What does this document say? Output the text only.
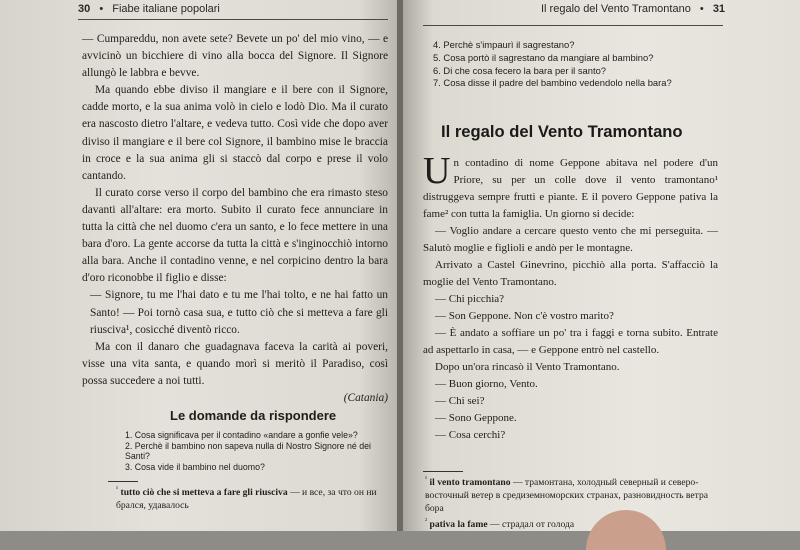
30 • Fiabe italiane popolari

— Cumpareddu, non avete sete? Bevete un po' del mio vino, — e avvicinò un bicchiere di vino alla bocca del Signore. Il Signore allungò le labbra e bevve.

Ma quando ebbe diviso il mangiare e il bere con il Signore, cadde morto, e la sua anima volò in cielo e lodò Dio. Ma il curato era nascosto dietro l'altare, e vedeva tutto. Così vide che dopo aver diviso il mangiare e il bere col Signore, il bambino mise le braccia in croce e la sua anima gli si staccò dal corpo e prese il volo cantando.

Il curato corse verso il corpo del bambino che era rimasto steso davanti all'altare: era morto. Subito il curato fece annunciare in tutta la città che nel duomo c'era un santo, e lo fece mettere in una bara d'oro. La gente accorse da tutta la città e s'inginocchiò intorno alla bara. Anche il contadino venne, e nel corpicino dentro la bara d'oro riconobbe il figlio e disse:

— Signore, tu me l'hai dato e tu me l'hai tolto, e ne hai fatto un Santo! — Poi tornò casa sua, e tutto ciò che si metteva a fare gli riusciva¹, cosicché diventò ricco.

Ma con il danaro che guadagnava faceva la carità ai poveri, visse una vita santa, e quando morì si meritò il Paradiso, così possa succedere a noi tutti.

(Catania)
Le domande da rispondere
1. Cosa significava per il contadino «andare a gonfie vele»?
2. Perchè il bambino non sapeva nulla di Nostro Signore né dei Santi?
3. Cosa vide il bambino nel duomo?
$^{^1}$ tutto ciò che si metteva a fare gli riusciva — и все, за что он ни брался, удавалось
Il regalo del Vento Tramontano • 31
4. Perchè s'impaurì il sagrestano?
5. Cosa portò il sagrestano da mangiare al bambino?
6. Di che cosa fecero la bara per il santo?
7. Cosa disse il padre del bambino vedendolo nella bara?
Il regalo del Vento Tramontano

Un contadino di nome Geppone abitava nel podere d'un Priore, su per un colle dove il vento tramontano¹ distruggeva sempre frutti e piante. E il povero Geppone pativa la fame² con tutta la famiglia. Un giorno si decide:

— Voglio andare a cercare questo vento che mi perseguita. — Salutò moglie e figlioli e andò per le montagne.

Arrivato a Castel Ginevrino, picchiò alla porta. S'affacciò la moglie del Vento Tramontano.

— Chi picchia?

— Son Geppone. Non c'è vostro marito?

— È andato a soffiare un po' tra i faggi e torna subito. Entrate ad aspettarlo in casa, — e Geppone entrò nel castello.

Dopo un'ora rincasò il Vento Tramontano.

— Buon giorno, Vento.

— Chi sei?

— Sono Geppone.

— Cosa cerchi?

$^{^1}$ il vento tramontano — трамонтана, холодный северный и северо-восточный ветер в средиземноморских странах, разновидность ветра бора
$^{^2}$ pativa la fame — страдал от голода
